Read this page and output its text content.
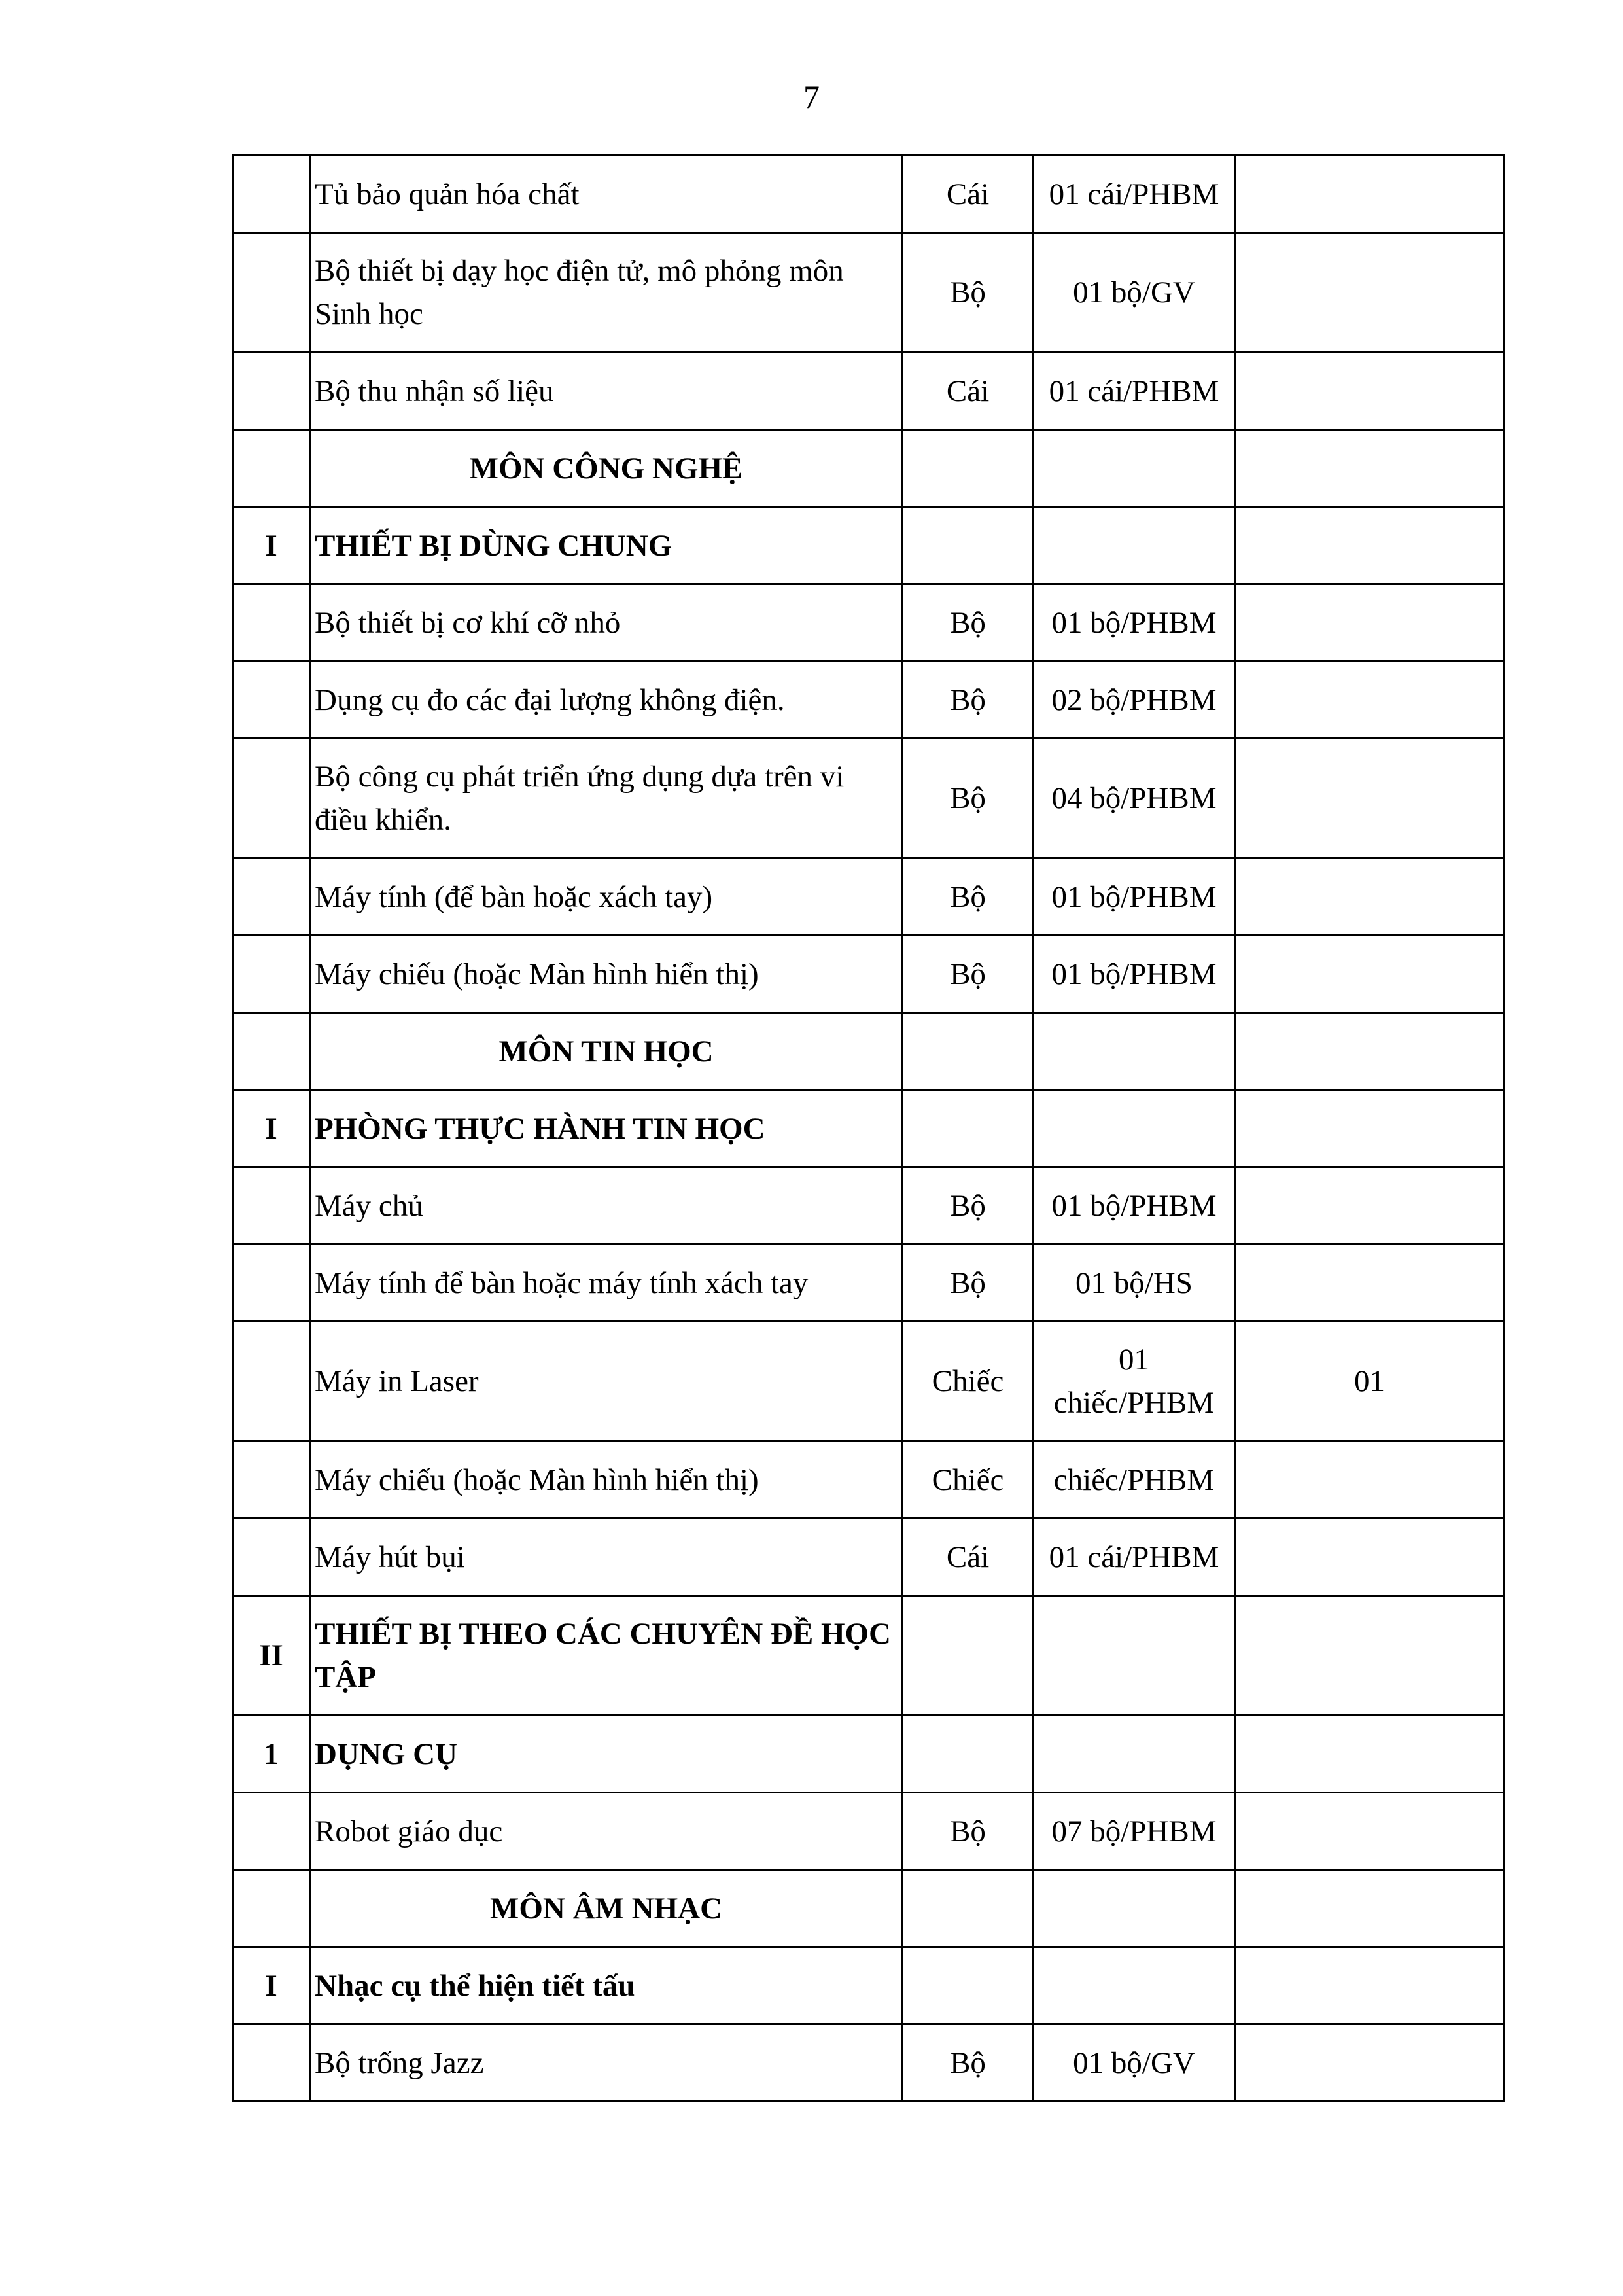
7
	Tủ bảo quản hóa chất	Cái	01 cái/PHBM	
	Bộ thiết bị dạy học điện tử, mô phỏng môn Sinh học	Bộ	01 bộ/GV	
	Bộ thu nhận số liệu	Cái	01 cái/PHBM	
	MÔN CÔNG NGHỆ			
I	THIẾT BỊ DÙNG CHUNG			
	Bộ thiết bị cơ khí cỡ nhỏ	Bộ	01 bộ/PHBM	
	Dụng cụ đo các đại lượng không điện.	Bộ	02 bộ/PHBM	
	Bộ công cụ phát triển ứng dụng dựa trên vi điều khiển.	Bộ	04 bộ/PHBM	
	Máy tính (để bàn hoặc xách tay)	Bộ	01 bộ/PHBM	
	Máy chiếu (hoặc Màn hình hiển thị)	Bộ	01 bộ/PHBM	
	MÔN TIN HỌC			
I	PHÒNG THỰC HÀNH TIN HỌC			
	Máy chủ	Bộ	01 bộ/PHBM	
	Máy tính để bàn hoặc máy tính xách tay	Bộ	01 bộ/HS	
	Máy in Laser	Chiếc	01 chiếc/PHBM	01
	Máy chiếu (hoặc Màn hình hiển thị)	Chiếc	chiếc/PHBM	
	Máy hút bụi	Cái	01 cái/PHBM	
II	THIẾT BỊ THEO CÁC CHUYÊN ĐỀ HỌC TẬP			
1	DỤNG CỤ			
	Robot giáo dục	Bộ	07 bộ/PHBM	
	MÔN ÂM NHẠC			
I	Nhạc cụ thể hiện tiết tấu			
	Bộ trống Jazz	Bộ	01 bộ/GV	
